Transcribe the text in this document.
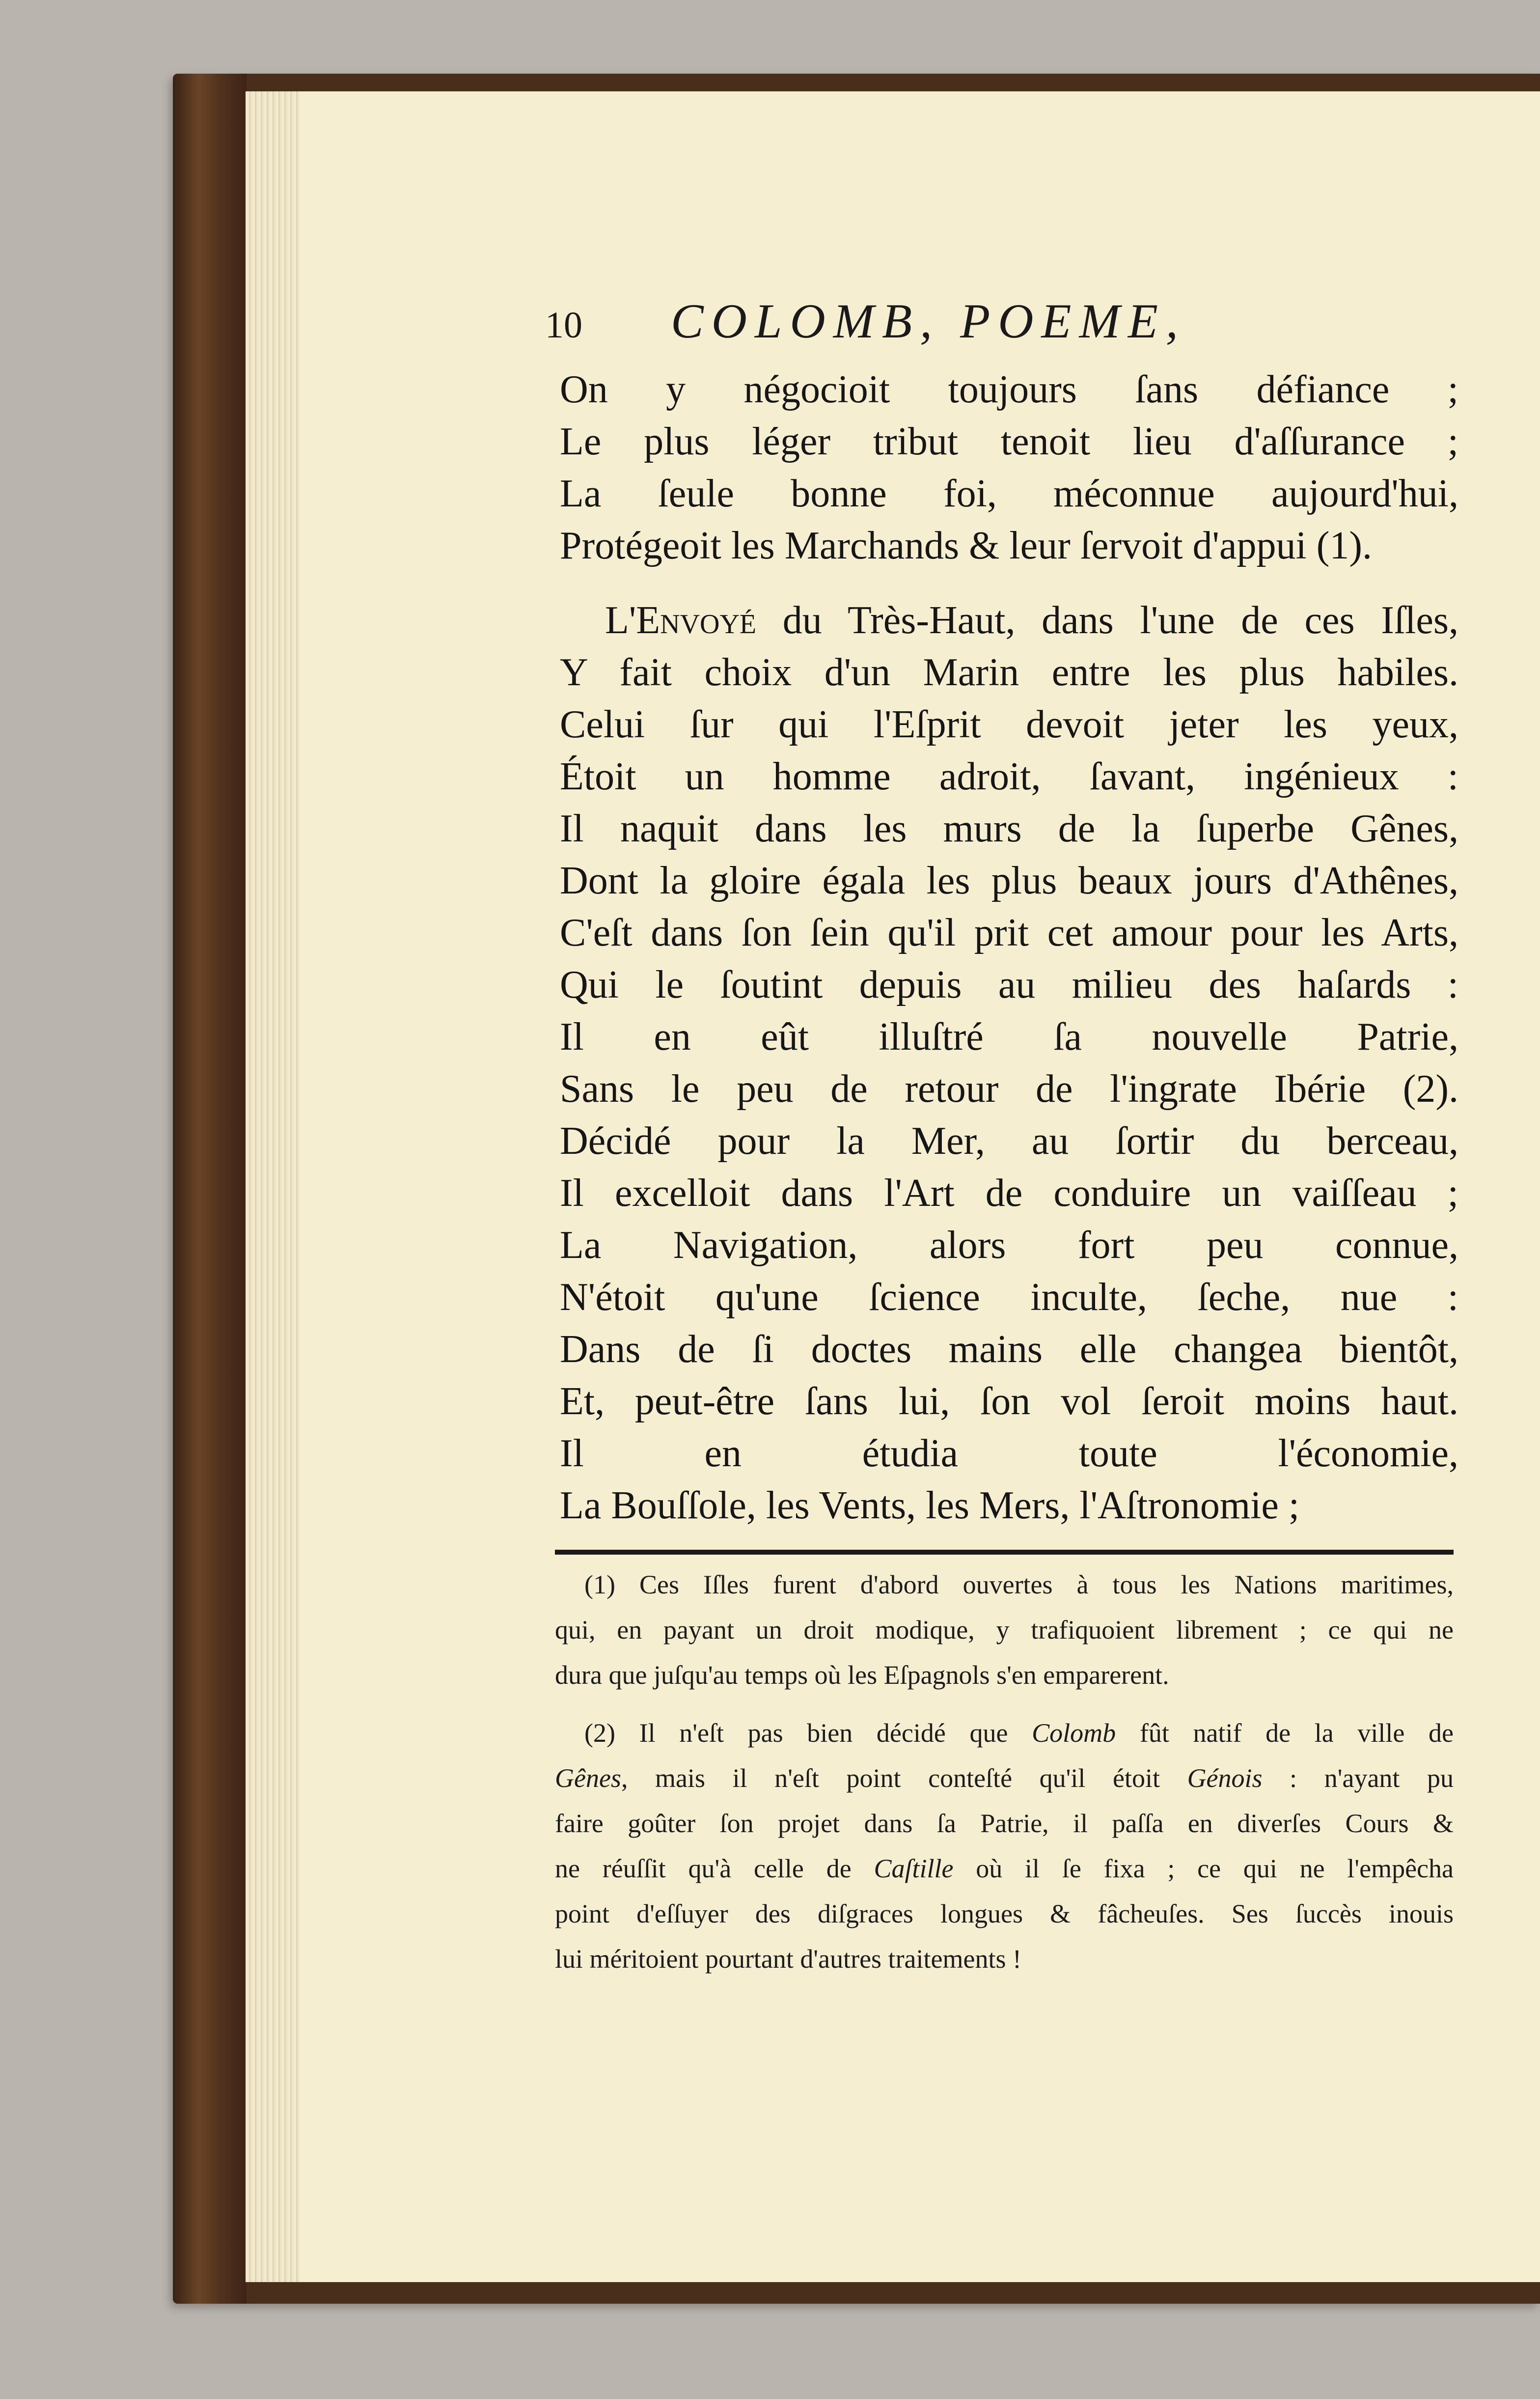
10 COLOMB, POEME,
On y négocioit toujours ſans défiance ;
Le plus léger tribut tenoit lieu d'aſſurance ;
La ſeule bonne foi, méconnue aujourd'hui,
Protégeoit les Marchands & leur ſervoit d'appui (1).
L'Envoyé du Très-Haut, dans l'une de ces Iſles,
Y fait choix d'un Marin entre les plus habiles.
Celui ſur qui l'Eſprit devoit jeter les yeux,
Étoit un homme adroit, ſavant, ingénieux :
Il naquit dans les murs de la ſuperbe Gênes,
Dont la gloire égala les plus beaux jours d'Athênes,
C'eſt dans ſon ſein qu'il prit cet amour pour les Arts,
Qui le ſoutint depuis au milieu des haſards :
Il en eût illuſtré ſa nouvelle Patrie,
Sans le peu de retour de l'ingrate Ibérie (2).
Décidé pour la Mer, au ſortir du berceau,
Il excelloit dans l'Art de conduire un vaiſſeau ;
La Navigation, alors fort peu connue,
N'étoit qu'une ſcience inculte, ſeche, nue :
Dans de ſi doctes mains elle changea bientôt,
Et, peut-être ſans lui, ſon vol ſeroit moins haut.
Il en étudia toute l'économie,
La Bouſſole, les Vents, les Mers, l'Aſtronomie ;
(1) Ces Iſles furent d'abord ouvertes à tous les Nations maritimes,
qui, en payant un droit modique, y trafiquoient librement ; ce qui ne
dura que juſqu'au temps où les Eſpagnols s'en emparerent.
(2) Il n'eſt pas bien décidé que Colomb fût natif de la ville de
Gênes, mais il n'eſt point conteſté qu'il étoit Génois : n'ayant pu
faire goûter ſon projet dans ſa Patrie, il paſſa en diverſes Cours &
ne réuſſit qu'à celle de Caſtille où il ſe fixa ; ce qui ne l'empêcha
point d'eſſuyer des diſgraces longues & fâcheuſes. Ses ſuccès inouis
lui méritoient pourtant d'autres traitements !
